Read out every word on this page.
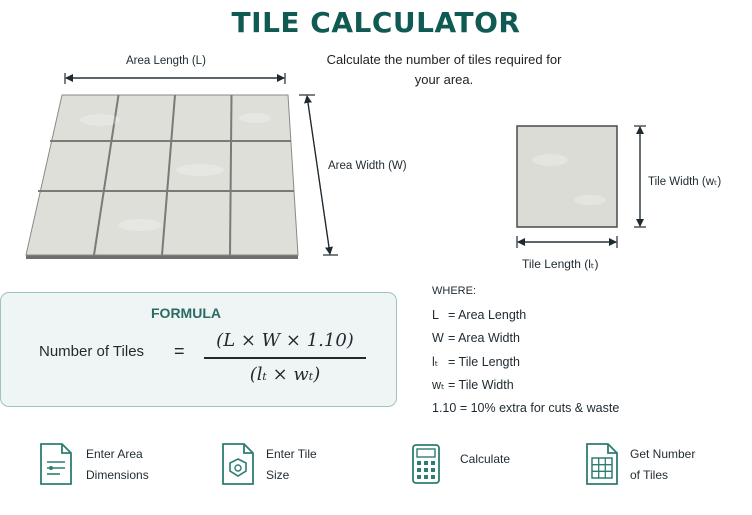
TILE CALCULATOR
Calculate the number of tiles required for your area.
Area Length (L)
Area Width (W)
Tile Width (wₜ)
Tile Length (lₜ)
FORMULA
Number of Tiles =	(L × W × 1.10)
(lₜ × wₜ)
WHERE:
L = Area Length
W = Area Width
lₜ = Tile Length
wₜ = Tile Width
1.10 = 10% extra for cuts & waste
Enter Area
Dimensions
Enter Tile
Size
Calculate	Get Number
of Tiles
